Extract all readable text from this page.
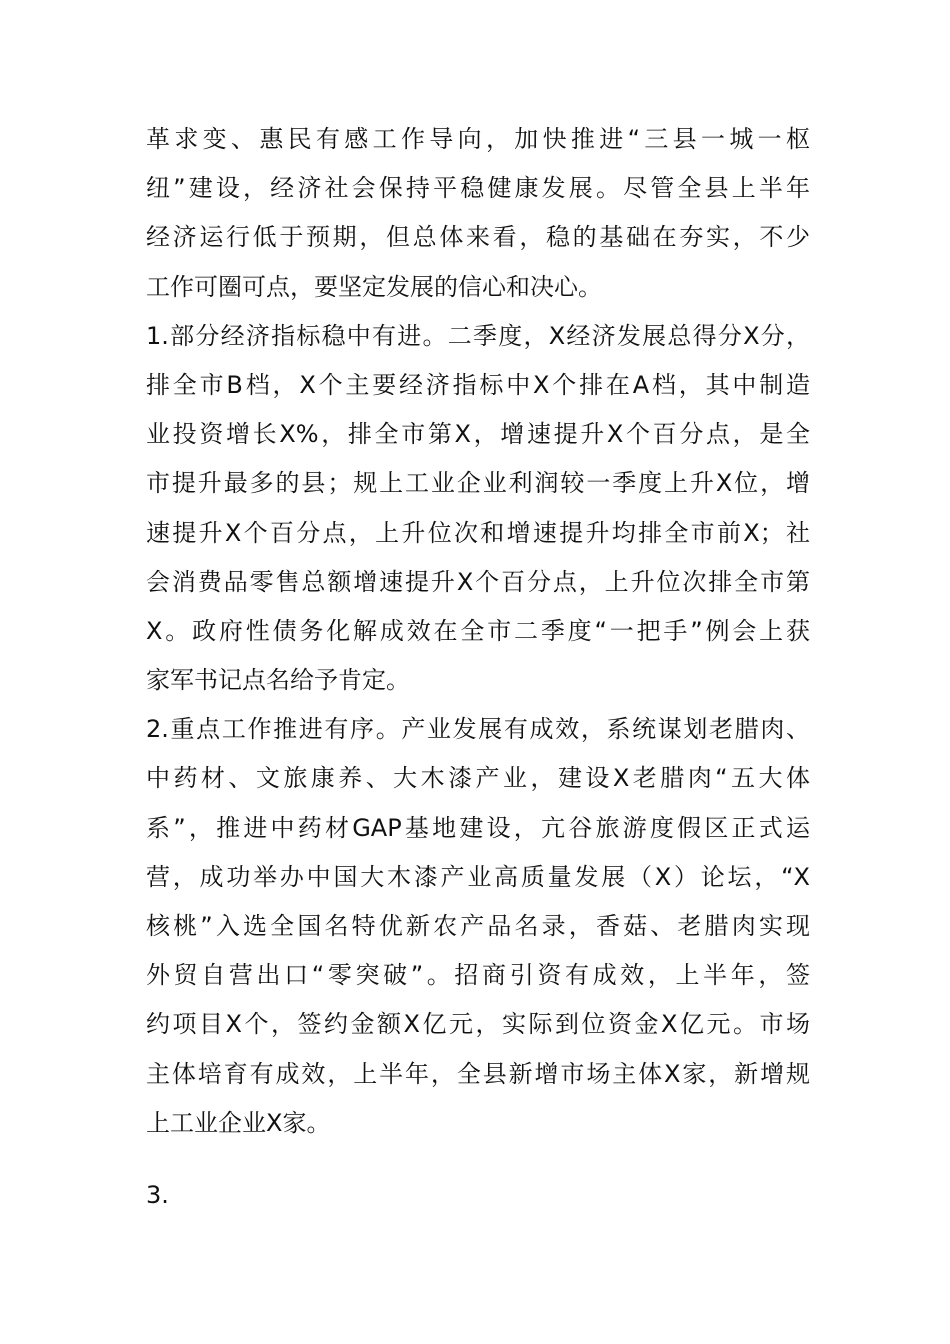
革求变、惠民有感工作导向，加快推进“三县一城一枢
纽”建设，经济社会保持平稳健康发展。尽管全县上半年
经济运行低于预期，但总体来看，稳的基础在夯实，不少
工作可圈可点，要坚定发展的信心和决心。
1.部分经济指标稳中有进。二季度，X经济发展总得分X分，
排全市B档，X个主要经济指标中X个排在A档，其中制造
业投资增长X%，排全市第X，增速提升X个百分点，是全
市提升最多的县；规上工业企业利润较一季度上升X位，增
速提升X个百分点，上升位次和增速提升均排全市前X；社
会消费品零售总额增速提升X个百分点，上升位次排全市第
X。政府性债务化解成效在全市二季度“一把手”例会上获
家军书记点名给予肯定。
2.重点工作推进有序。产业发展有成效，系统谋划老腊肉、
中药材、文旅康养、大木漆产业，建设X老腊肉“五大体
系”，推进中药材GAP基地建设，亢谷旅游度假区正式运
营，成功举办中国大木漆产业高质量发展（X）论坛，“X
核桃”入选全国名特优新农产品名录，香菇、老腊肉实现
外贸自营出口“零突破”。招商引资有成效，上半年，签
约项目X个，签约金额X亿元，实际到位资金X亿元。市场
主体培育有成效，上半年，全县新增市场主体X家，新增规
上工业企业X家。
3.
